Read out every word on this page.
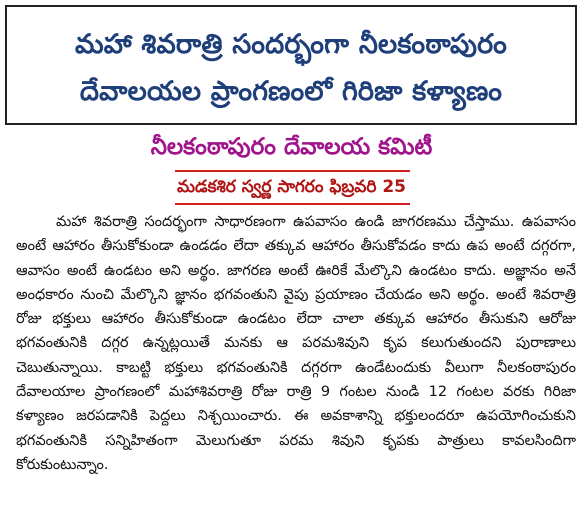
మహా శివరాత్రి సందర్భంగా నీలకంఠాపురం
దేవాలయల ప్రాంగణంలో గిరిజా కళ్యాణం
నీలకంఠాపురం దేవాలయ కమిటీ
మడకశిర స్వర్ణ సాగరం ఫిబ్రవరి 25

మహా శివరాత్రి సందర్భంగా సాధారణంగా ఉపవాసం ఉండి జాగరణము చేస్తాము. ఉపవాసం అంటే ఆహారం తీసుకోకుండా ఉండడం లేదా తక్కువ ఆహారం తీసుకోవడం కాదు ఉప అంటే దగ్గరగా, ఆవాసం అంటే ఉండటం అని అర్థం. జాగరణ అంటే ఊరికే మేల్కొని ఉండటం కాదు. అజ్ఞానం అనే అంధకారం నుంచి మేల్కొని జ్ఞానం భగవంతుని వైపు ప్రయాణం చేయడం అని అర్థం. అంటే శివరాత్రి రోజు భక్తులు ఆహారం తీసుకోకుండా ఉండటం లేదా చాలా తక్కువ ఆహారం తీసుకుని ఆరోజు భగవంతునికి దగ్గర ఉన్నట్లయితే మనకు ఆ పరమశివుని కృప కలుగుతుందని పురాణాలు చెబుతున్నాయి. కాబట్టి భక్తులు భగవంతునికి దగ్గరగా ఉండేటందుకు వీలుగా నీలకంఠాపురం దేవాలయాల ప్రాంగణంలో మహాశివరాత్రి రోజు రాత్రి 9 గంటల నుండి 12 గంటల వరకు గిరిజా కళ్యాణం జరపడానికి పెద్దలు నిశ్చయించారు. ఈ అవకాశాన్ని భక్తులందరూ ఉపయోగించుకుని భగవంతునికి సన్నిహితంగా మెలుగుతూ పరమ శివుని కృపకు పాత్రులు కావలసిందిగా కోరుకుంటున్నాం.
